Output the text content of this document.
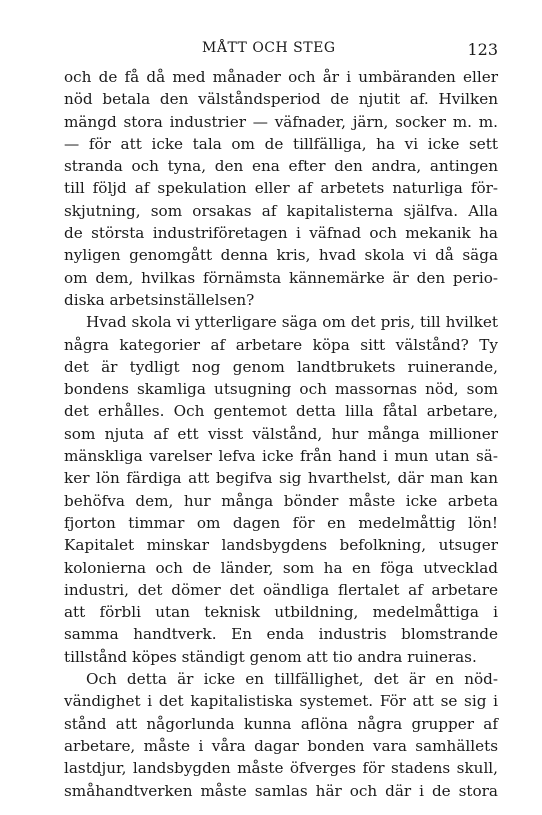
MÅTT OCH STEG	123
och de få då med månader och år i umbäranden eller
nöd betala den välståndsperiod de njutit af. Hvilken
mängd stora industrier — väfnader, järn, socker m. m.
— för att icke tala om de tillfälliga, ha vi icke sett
stranda och tyna, den ena efter den andra, antingen
till följd af spekulation eller af arbetets naturliga för-
skjutning, som orsakas af kapitalisterna själfva. Alla
de största industriföretagen i väfnad och mekanik ha
nyligen genomgått denna kris, hvad skola vi då säga
om dem, hvilkas förnämsta kännemärke är den perio-
diska arbetsinställelsen?
Hvad skola vi ytterligare säga om det pris, till hvilket
några kategorier af arbetare köpa sitt välstånd? Ty
det är tydligt nog genom landtbrukets ruinerande,
bondens skamliga utsugning och massornas nöd, som
det erhålles. Och gentemot detta lilla fåtal arbetare,
som njuta af ett visst välstånd, hur många millioner
mänskliga varelser lefva icke från hand i mun utan sä-
ker lön färdiga att begifva sig hvarthelst, där man kan
behöfva dem, hur många bönder måste icke arbeta
fjorton timmar om dagen för en medelmåttig lön!
Kapitalet minskar landsbygdens befolkning, utsuger
kolonierna och de länder, som ha en föga utvecklad
industri, det dömer det oändliga flertalet af arbetare
att förbli utan teknisk utbildning, medelmåttiga i
samma handtverk. En enda industris blomstrande
tillstånd köpes ständigt genom att tio andra ruineras.
Och detta är icke en tillfällighet, det är en nöd-
vändighet i det kapitalistiska systemet. För att se sig i
stånd att någorlunda kunna aflöna några grupper af
arbetare, måste i våra dagar bonden vara samhällets
lastdjur, landsbygden måste öfverges för stadens skull,
småhandtverken måste samlas här och där i de stora
